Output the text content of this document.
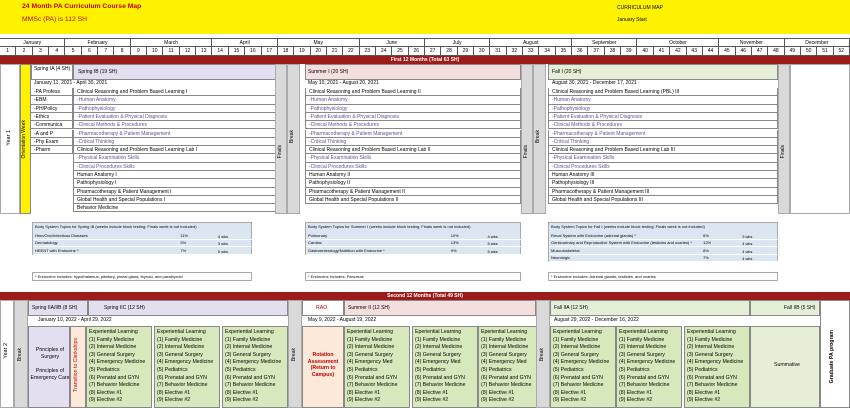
24 Month PA Curriculum Course Map
MMSc (PA) is 112 SH
CURRICULUM MAP
January Start
January	February	March	April	May	June	July	August	September	October	November	December
1	2	3	4	5	6	7	8	9	10	11	12	13	14	15	16	17	18	19	20	21	22	23	24	25	26	27	28	29	30	31	32	33	34	35	36	37	38	39	40	41	42	43	44	45	46	47	48	49	50	51	52
First 12 Months (Total 63 SH)
Year 1 Orientation Week
Spring IA (4 SH)
-PA Profess
-EBM
-PH/Policy
-Ethics
-Communica
-A and P
-Phy Exam
-Pharm
Spring IB (19 SH)
January 11, 2021 - April 30, 2021
Clinical Reasoning and Problem Based Learning I
-Human Anatomy
-Pathophysiology
-Patient Evaluation & Physical Diagnosis
-Clinical Methods & Procedures
-Pharmacotherapy & Patient Management
-Critical Thinking
Clinical Reasoning and Problem Based Learning Lab I
-Physical Examination Skills
-Clinical Procedures Skills
Human Anatomy I
Pathophysiology I
Pharmacotherapy & Patient Management I
Global Health and Special Populations I
Behavior Medicine
Break
Finals
Summer I (20 SH)
May 10, 2021 - August 20, 2021
Clinical Reasoning and Problem Based Learning II
-Human Anatomy
-Pathophysiology
-Patient Evaluation & Physical Diagnosis
-Clinical Methods & Procedures
-Pharmacotherapy & Patient Management
-Critical Thinking
Clinical Reasoning and Problem Based Learning Lab II
-Physical Examination Skills
-Clinical Procedures Skills
Human Anatomy II
Pathophysiology II
Pharmacotherapy & Patient Management II
Global Health and Special Populations II
Finals
Break
Fall I (20 SH)
August 30, 2021 - December 17, 2021
Clinical Reasoning and Problem Based Learning (PBL) III
-Human Anatomy
-Pathophysiology
-Patient Evaluation & Physical Diagnosis
-Clinical Methods & Procedures
-Pharmacotherapy & Patient Management
-Critical Thinking
Clinical Reasoning and Problem Based Learning Lab III
-Physical Examination Skills
-Clinical Procedures Skills
Human Anatomy III
Pathophysiology III
Pharmacotherapy & Patient Management III
Global Health and Special Populations III
Finals
Body System Topics for Spring IB (weeks include block testing; Finals week is not included)
Hem/Onc/Infectious Diseases	11%	4 wks
Dermatology	5%	3 wks
HEENT with Endocrine *	7%	5 wks
* Endocrine includes: hypothalamus, pituitary, pineal gland, thyroid, and parathyroid
Body System Topics for Summer I (weeks include block testing; Finals week is not included)
Pulmonary	10%	4 wks
Cardiac	13%	5 wks
Gastroenterology/Nutrition with Endocrine *	9%	5 wks
* Endocrine includes: Pancreas
Body System Topics for Fall I (weeks include block testing; Finals week is not included)
Renal System with Endocrine (adrenal glands) *	6%	3 wks
Genitourinary and Reproductive System with Endocrine (testicles and ovaries) *	12%	4 wks
Musculoskeletal	8%	4 wks
Neurologic	7%	4 wks
* Endocrine includes: Adrenal glands, testicles, and ovaries
Second 12 Months (Total 49 SH)
Year 2 Break
Spring IIA/IIB (8 SH)	Spring IIC (12 SH)
January 10, 2022 - April 29, 2022
Principles of Surgery
Principles of Emergency Care Transition to Clerkships
Experiential Learning
(1) Family Medicine
(2) Internal Medicine
(3) General Surgery
(4) Emergency Medicine
(5) Pediatrics
(6) Prenatal and GYN
(7) Behavior Medicine
(8) Elective #1
(9) Elective #2
Experiential Learning
(1) Family Medicine
(2) Internal Medicine
(3) General Surgery
(4) Emergency Medicine
(5) Pediatrics
(6) Prenatal and GYN
(7) Behavior Medicine
(8) Elective #1
(9) Elective #2
Experiential Learning
(1) Family Medicine
(2) Internal Medicine
(3) General Surgery
(4) Emergency Medicine
(5) Pediatrics
(6) Prenatal and GYN
(7) Behavior Medicine
(8) Elective #1
(9) Elective #2
Break
RAO
Rotation Assessment (Return to Campus)
Summer II (12 SH)
May 9, 2022 - August 19, 2022
Eperiential Learning
(1) Family Medicine
(2) Internal Medicine
(3) General Surgery
(4) Emergency Med
(5) Pediatrics
(6) Prenatal and GYN
(7) Behavior Medicine
(8) Elective #1
(9) Elective #2
Eperiential Learning
(1) Family Medicine
(2) Internal Medicine
(3) General Surgery
(4) Emergency Med
(5) Pediatrics
(6) Prenatal and GYN
(7) Behavior Medicine
(8) Elective #1
(9) Elective #2
Eperiential Learning
(1) Family Medicine
(2) Internal Medicine
(3) General Surgery
(4) Emergency Med
(5) Pediatrics
(6) Prenatal and GYN
(7) Behavior Medicine
(8) Elective #1
(9) Elective #2
Break
Fall IIA (12 SH)
August 29, 2022 - December 16, 2022
Experiential Learning
(1) Family Medicine
(2) Internal Medicine
(3) General Surgery
(4) Emergency Medicine
(5) Pediatrics
(6) Prenatal and GYN
(7) Behavior Medicine
(8) Elective #1
(9) Elective #2
Experiential Learning
(1) Family Medicine
(2) Internal Medicine
(3) General Surgery
(4) Emergency Medicine
(5) Pediatrics
(6) Prenatal and GYN
(7) Behavior Medicine
(8) Elective #1
(9) Elective #2
Experiential Learning
(1) Family Medicine
(2) Internal Medicine
(3) General Surgery
(4) Emergency Medicine
(5) Pediatrics
(6) Prenatal and GYN
(7) Behavior Medicine
(8) Elective #1
(9) Elective #2
Fall IIB (5 SH)
Summative	Graduate PA program
